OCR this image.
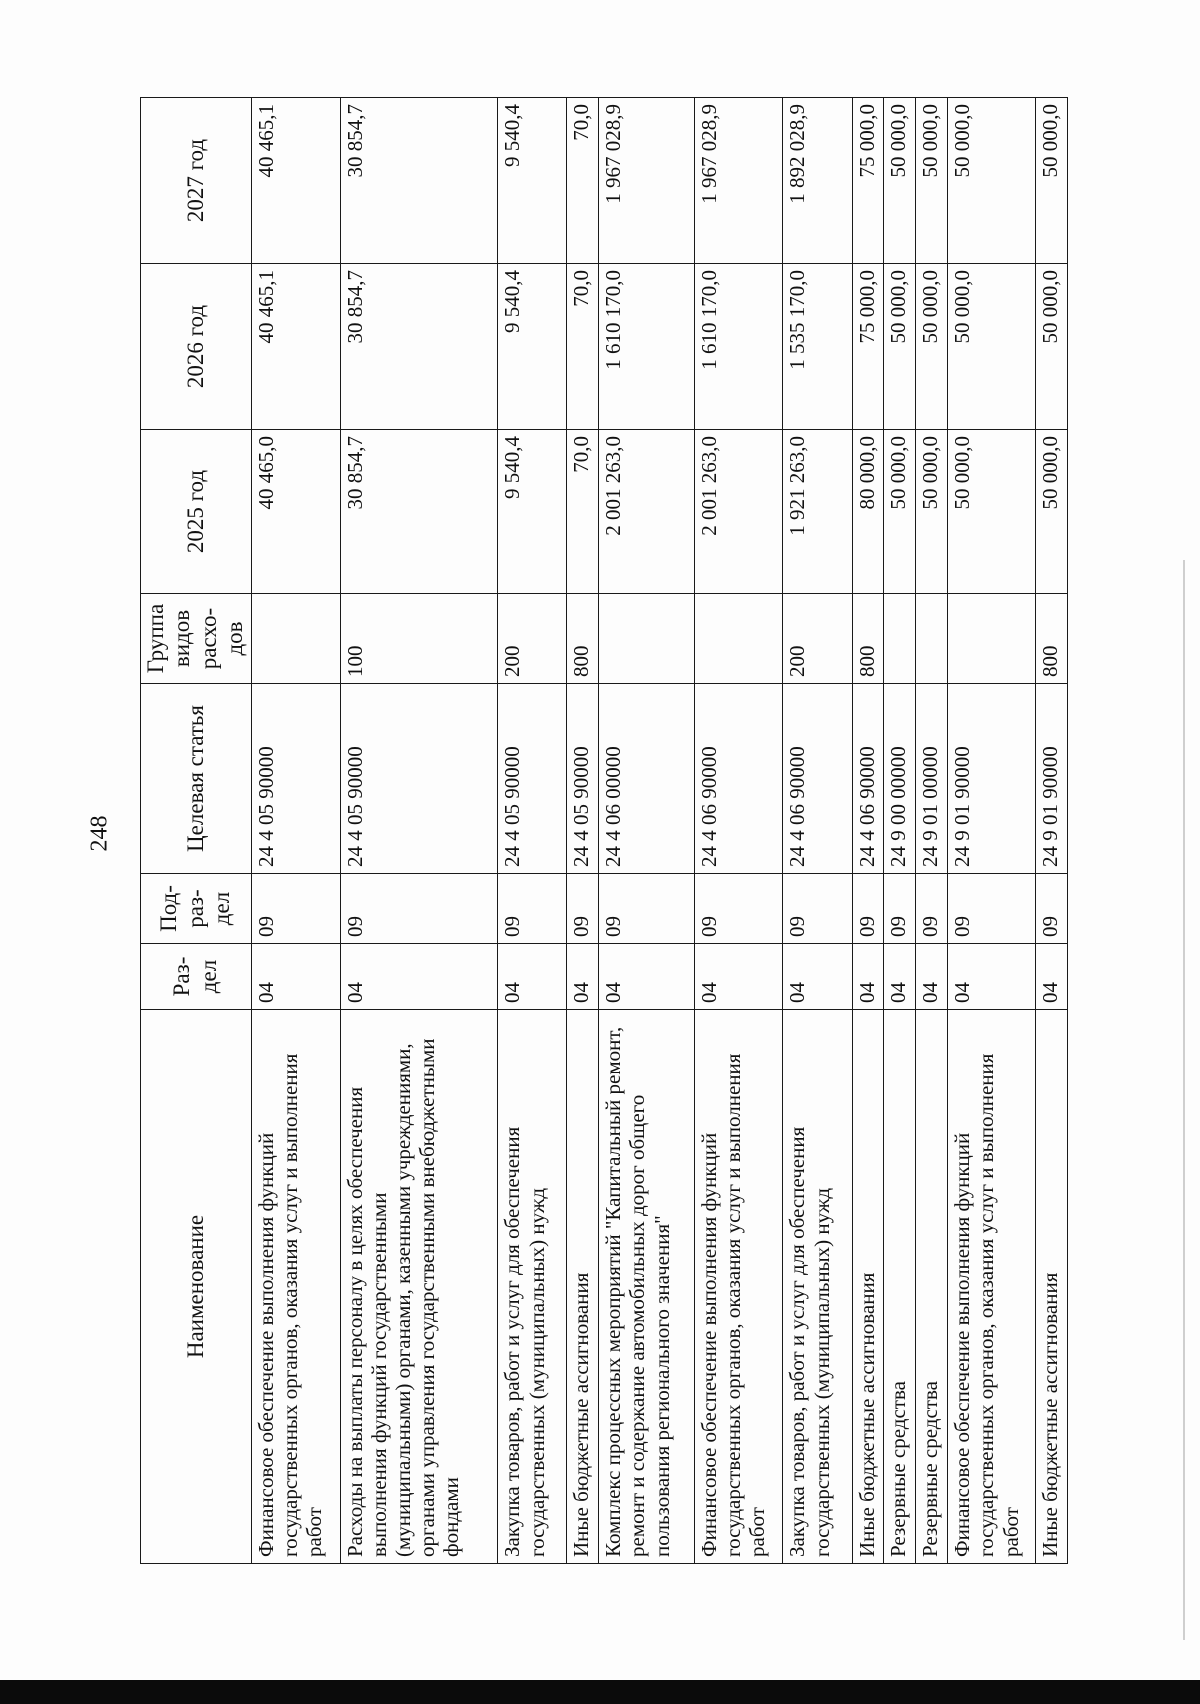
248
Наименование	Раз-дел	Под-раз-дел	Целевая статья	Группа видов расхо-дов	2025 год	2026 год	2027 год
Финансовое обеспечение выполнения функций государственных органов, оказания услуг и выполнения работ	04	09	24 4 05 90000		40 465,0	40 465,1	40 465,1
Расходы на выплаты персоналу в целях обеспечения выполнения функций государственными (муниципальными) органами, казенными учреждениями, органами управления государственными внебюджетными фондами	04	09	24 4 05 90000	100	30 854,7	30 854,7	30 854,7
Закупка товаров, работ и услуг для обеспечения государственных (муниципальных) нужд	04	09	24 4 05 90000	200	9 540,4	9 540,4	9 540,4
Иные бюджетные ассигнования	04	09	24 4 05 90000	800	70,0	70,0	70,0
Комплекс процессных мероприятий "Капитальный ремонт, ремонт и содержание автомобильных дорог общего пользования регионального значения"	04	09	24 4 06 00000		2 001 263,0	1 610 170,0	1 967 028,9
Финансовое обеспечение выполнения функций государственных органов, оказания услуг и выполнения работ	04	09	24 4 06 90000		2 001 263,0	1 610 170,0	1 967 028,9
Закупка товаров, работ и услуг для обеспечения государственных (муниципальных) нужд	04	09	24 4 06 90000	200	1 921 263,0	1 535 170,0	1 892 028,9
Иные бюджетные ассигнования	04	09	24 4 06 90000	800	80 000,0	75 000,0	75 000,0
Резервные средства	04	09	24 9 00 00000		50 000,0	50 000,0	50 000,0
Резервные средства	04	09	24 9 01 00000		50 000,0	50 000,0	50 000,0
Финансовое обеспечение выполнения функций государственных органов, оказания услуг и выполнения работ	04	09	24 9 01 90000		50 000,0	50 000,0	50 000,0
Иные бюджетные ассигнования	04	09	24 9 01 90000	800	50 000,0	50 000,0	50 000,0
